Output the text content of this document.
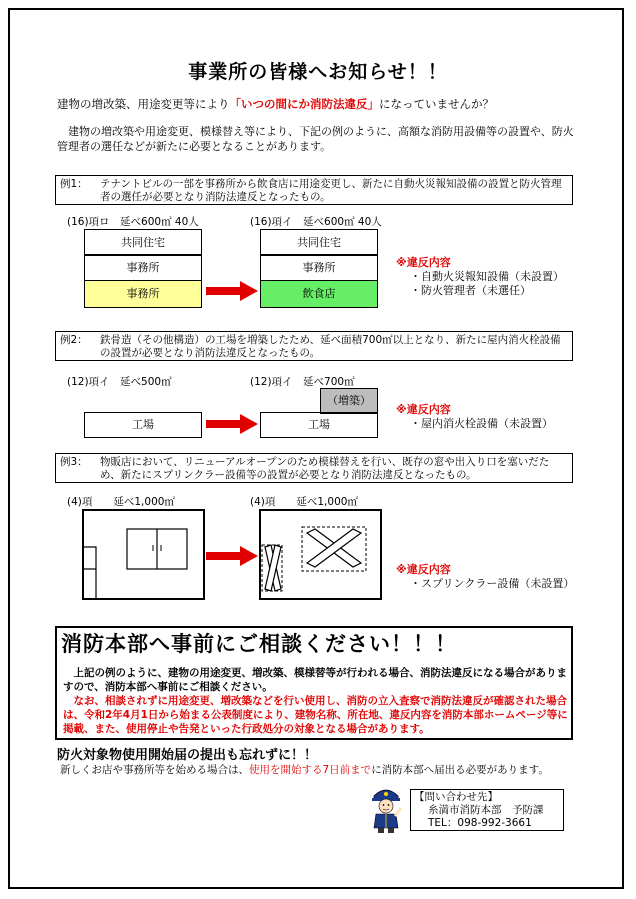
事業所の皆様へお知らせ！！
建物の増改築、用途変更等により「いつの間にか消防法違反」になっていませんか？
　建物の増改築や用途変更、模様替え等により、下記の例のように、高額な消防用設備等の設置や、防火管理者の選任などが新たに必要となることがあります。
例1： テナントビルの一部を事務所から飲食店に用途変更し、新たに自動火災報知設備の設置と防火管理者の選任が必要となり消防法違反となったもの。
(16)項ロ　延べ600㎡ 40人	(16)項イ　延べ600㎡ 40人
共同住宅
事務所
事務所
共同住宅
事務所
飲食店
※違反内容
・自動火災報知設備（未設置）
・防火管理者（未選任）
例2： 鉄骨造（その他構造）の工場を増築したため、延べ面積700㎡以上となり、新たに屋内消火栓設備の設置が必要となり消防法違反となったもの。
(12)項イ　延べ500㎡	(12)項イ　延べ700㎡
工場
（増築）
工場
※違反内容
・屋内消火栓設備（未設置）
例3： 物販店において、リニューアルオープンのため模様替えを行い、既存の窓や出入り口を塞いだため、新たにスプリンクラー設備等の設置が必要となり消防法違反となったもの。
(4)項　　延べ1,000㎡	(4)項　　延べ1,000㎡
※違反内容
・スプリンクラー設備（未設置）
消防本部へ事前にご相談ください！！！
　上記の例のように、建物の用途変更、増改築、模様替等が行われる場合、消防法違反になる場合がありますので、消防本部へ事前にご相談ください。
　なお、相談されずに用途変更、増改築などを行い使用し、消防の立入査察で消防法違反が確認された場合は、令和2年4月1日から始まる公表制度により、建物名称、所在地、違反内容を消防本部ホームページ等に掲載、また、使用停止や告発といった行政処分の対象となる場合があります。
防火対象物使用開始届の提出も忘れずに！！
新しくお店や事務所等を始める場合は、使用を開始する7日前までに消防本部へ届出る必要があります。
【問い合わせ先】
糸満市消防本部　予防課
TEL：098-992-3661
